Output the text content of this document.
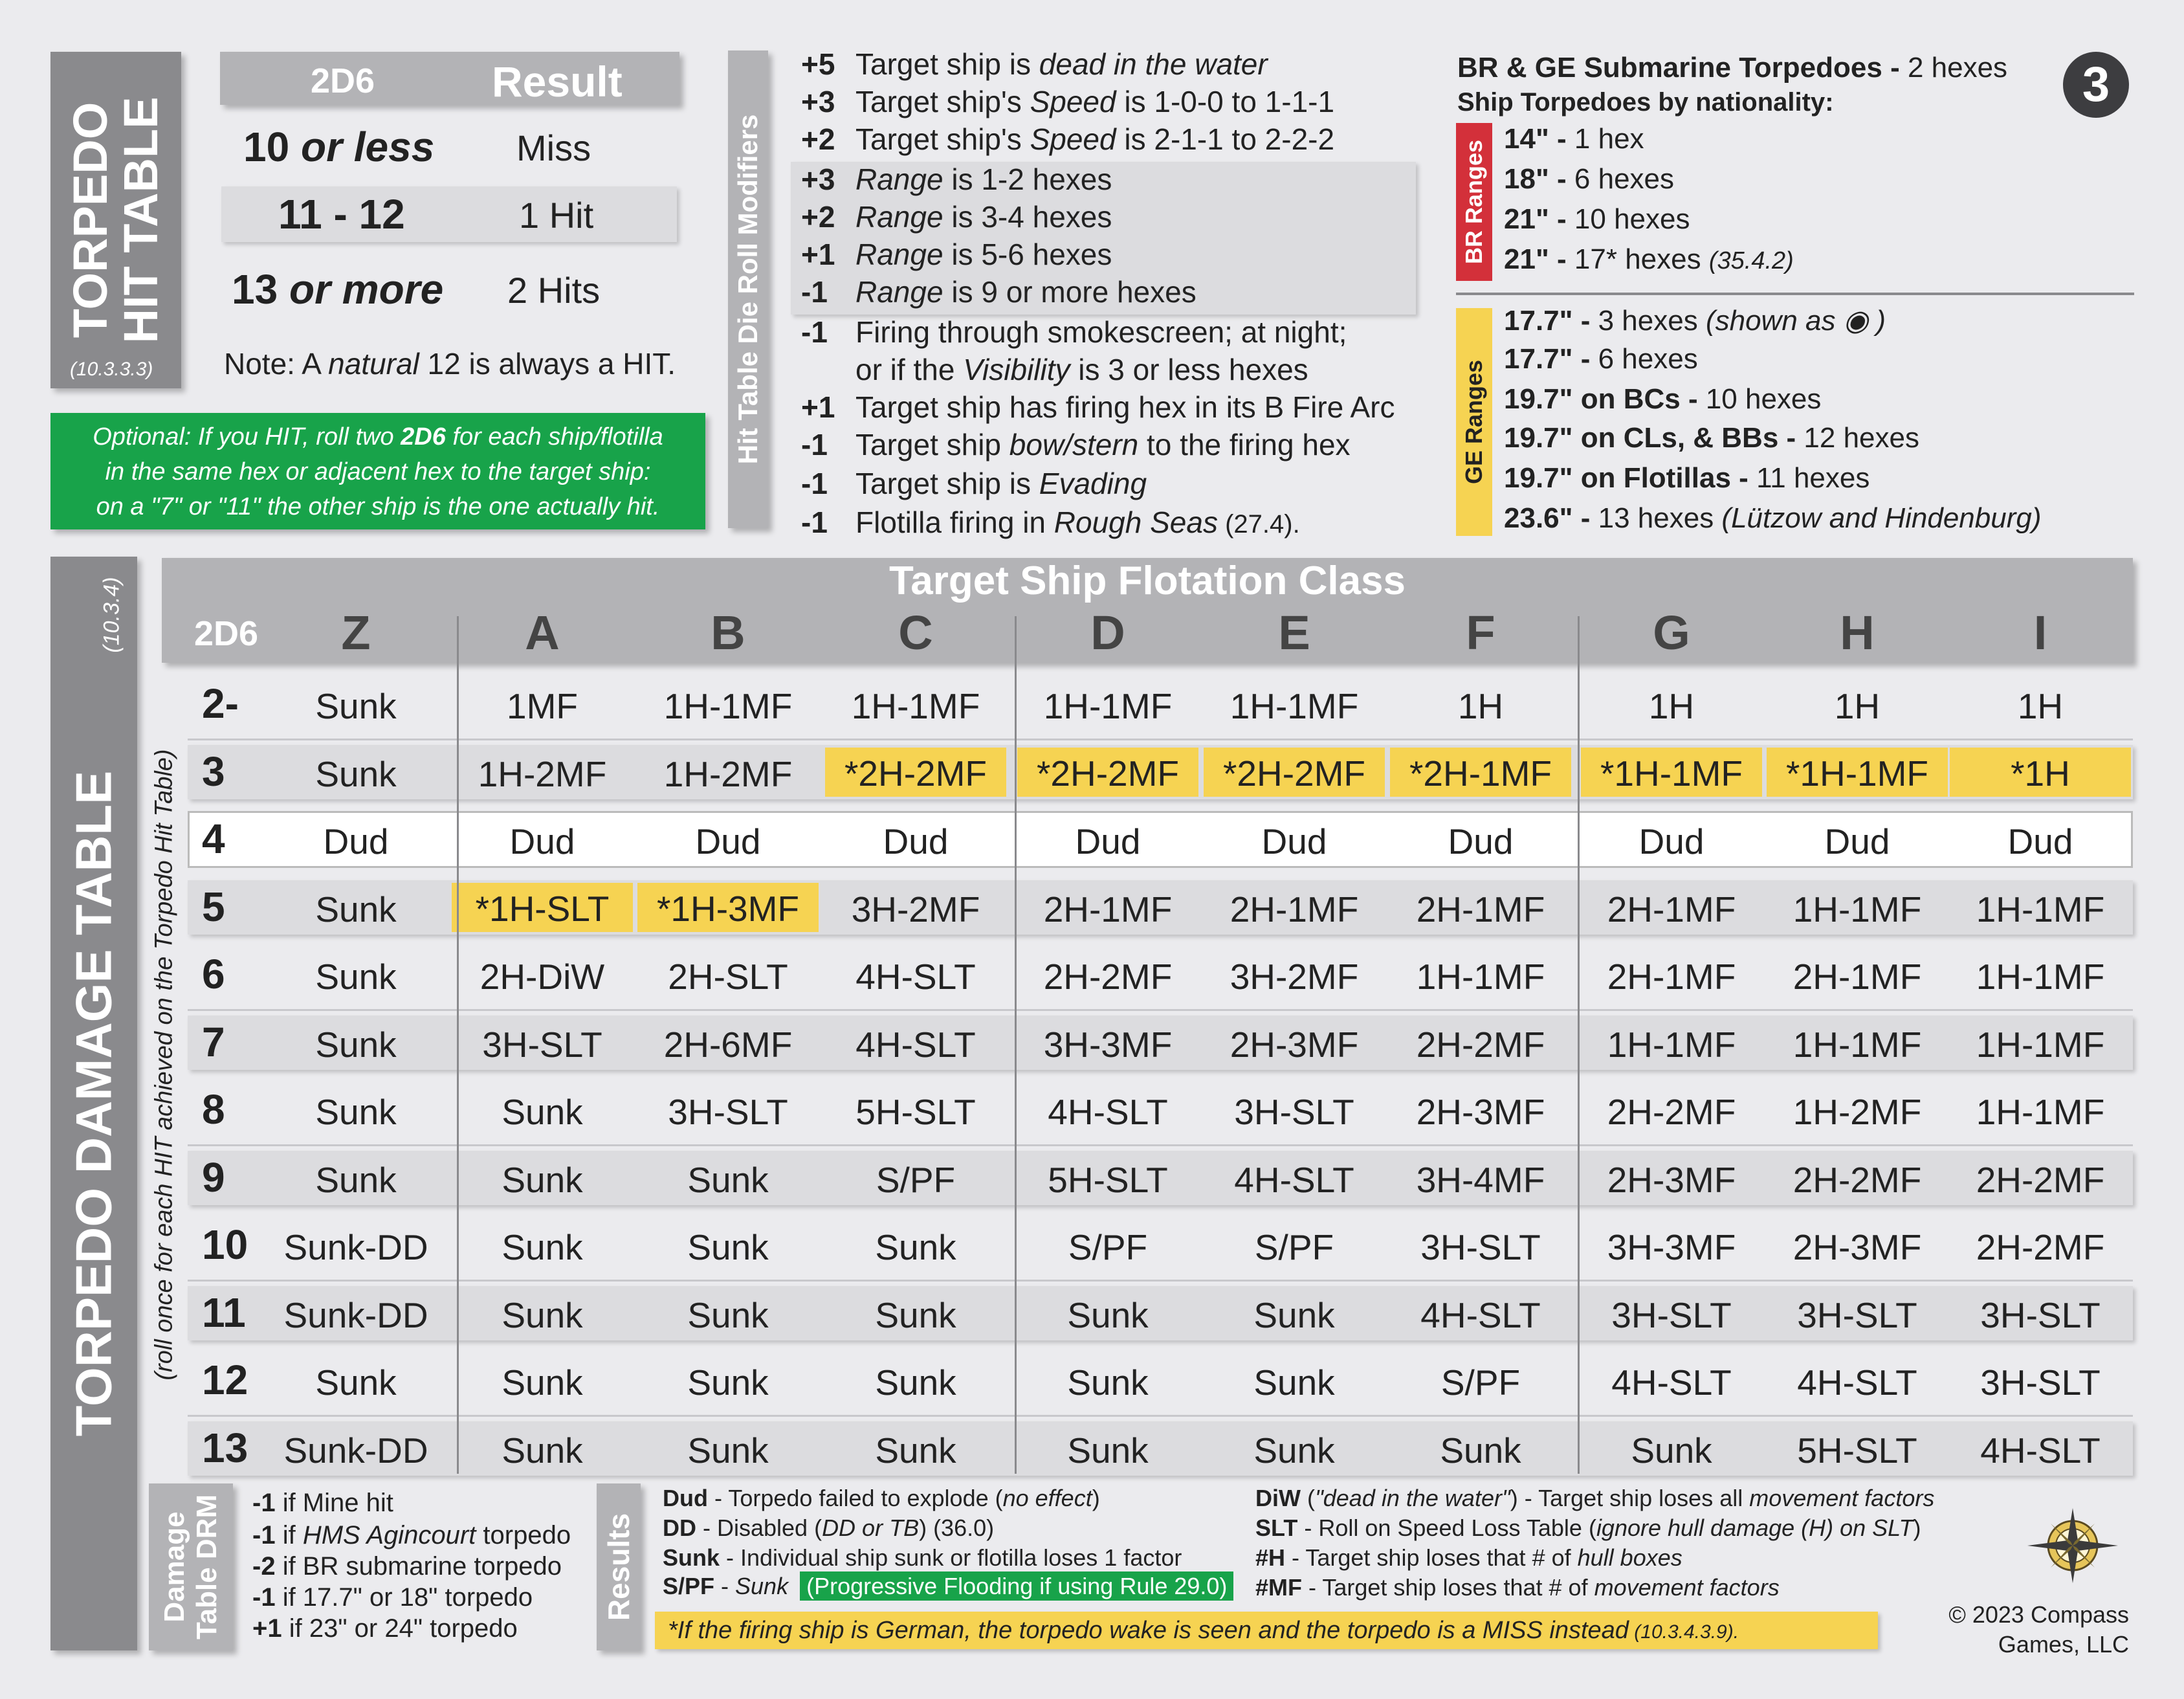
TORPEDO
HIT TABLE
(10.3.3.3)
2D6	Result
10 or less Miss
11 - 12	1 Hit
13 or more 2 Hits
Note: A natural 12 is always a HIT.
Optional: If you HIT, roll two 2D6 for each ship/flotilla
in the same hex or adjacent hex to the target ship:
on a "7" or "11" the other ship is the one actually hit.
Hit Table Die Roll Modifiers
+5 Target ship is dead in the water
+3 Target ship's Speed is 1-0-0 to 1-1-1
+2 Target ship's Speed is 2-1-1 to 2-2-2
+3 Range is 1-2 hexes
+2 Range is 3-4 hexes
+1 Range is 5-6 hexes
-1 Range is 9 or more hexes
-1 Firing through smokescreen; at night;
or if the Visibility is 3 or less hexes
+1 Target ship has firing hex in its B Fire Arc
-1 Target ship bow/stern to the firing hex
-1 Target ship is Evading
-1 Flotilla firing in Rough Seas (27.4).
BR & GE Submarine Torpedoes - 2 hexes
Ship Torpedoes by nationality:	3
BR Ranges
14" - 1 hex
18" - 6 hexes
21" - 10 hexes
21" - 17* hexes (35.4.2)
GE Ranges
17.7" - 3 hexes (shown as ◉ )
17.7" - 6 hexes
19.7" on BCs - 10 hexes
19.7" on CLs, & BBs - 12 hexes
19.7" on Flotillas - 11 hexes
23.6" - 13 hexes (Lützow and Hindenburg)
TORPEDO DAMAGE TABLE
(10.3.4)
(roll once for each HIT achieved on the Torpedo Hit Table)
Target Ship Flotation Class
2D6	Z	A	B	C	D	E	F	G	H	I
2-	Sunk	1MF	1H-1MF	1H-1MF	1H-1MF	1H-1MF	1H	1H	1H	1H
3	Sunk	1H-2MF	1H-2MF	*2H-2MF	*2H-2MF	*2H-2MF	*2H-1MF	*1H-1MF	*1H-1MF	*1H
4	Dud	Dud	Dud	Dud	Dud	Dud	Dud	Dud	Dud	Dud
5	Sunk	*1H-SLT	*1H-3MF	3H-2MF	2H-1MF	2H-1MF	2H-1MF	2H-1MF	1H-1MF	1H-1MF
6	Sunk	2H-DiW	2H-SLT	4H-SLT	2H-2MF	3H-2MF	1H-1MF	2H-1MF	2H-1MF	1H-1MF
7	Sunk	3H-SLT	2H-6MF	4H-SLT	3H-3MF	2H-3MF	2H-2MF	1H-1MF	1H-1MF	1H-1MF
8	Sunk	Sunk	3H-SLT	5H-SLT	4H-SLT	3H-SLT	2H-3MF	2H-2MF	1H-2MF	1H-1MF
9	Sunk	Sunk	Sunk	S/PF	5H-SLT	4H-SLT	3H-4MF	2H-3MF	2H-2MF	2H-2MF
10	Sunk-DD	Sunk	Sunk	Sunk	S/PF	S/PF	3H-SLT	3H-3MF	2H-3MF	2H-2MF
11	Sunk-DD	Sunk	Sunk	Sunk	Sunk	Sunk	4H-SLT	3H-SLT	3H-SLT	3H-SLT
12	Sunk	Sunk	Sunk	Sunk	Sunk	Sunk	S/PF	4H-SLT	4H-SLT	3H-SLT
13	Sunk-DD	Sunk	Sunk	Sunk	Sunk	Sunk	Sunk	Sunk	5H-SLT	4H-SLT
Damage Table DRM -1 if Mine hit
-1 if HMS Agincourt torpedo
-2 if BR submarine torpedo
-1 if 17.7" or 18" torpedo
+1 if 23" or 24" torpedo
Results
Dud - Torpedo failed to explode (no effect)
DD - Disabled (DD or TB) (36.0)
Sunk - Individual ship sunk or flotilla loses 1 factor
S/PF - Sunk (Progressive Flooding if using Rule 29.0)
DiW ("dead in the water") - Target ship loses all movement factors
SLT - Roll on Speed Loss Table (ignore hull damage (H) on SLT)
#H - Target ship loses that # of hull boxes
#MF - Target ship loses that # of movement factors
*If the firing ship is German, the torpedo wake is seen and the torpedo is a MISS instead (10.3.4.3.9).
© 2023 Compass
Games, LLC
